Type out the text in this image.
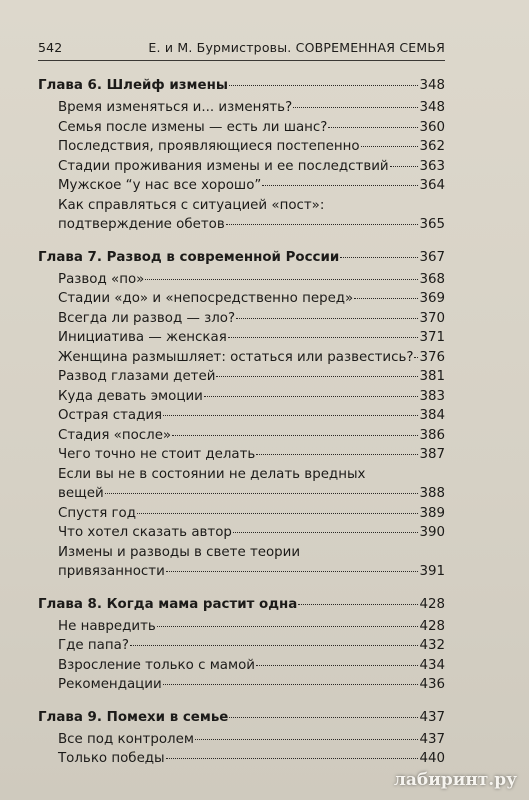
542	Е. и М. Бурмистровы. СОВРЕМЕННАЯ СЕМЬЯ
Глава 6. Шлейф измены	348
Время изменяться и... изменять?	348
Семья после измены — есть ли шанс?	360
Последствия, проявляющиеся постепенно	362
Стадии проживания измены и ее последствий 363
Мужское “у нас все хорошо”	364
Как справляться с ситуацией «пост»:
подтверждение обетов	365
Глава 7. Развод в современной России	367
Развод «по»	368
Стадии «до» и «непосредственно перед»	369
Всегда ли развод — зло?	370
Инициатива — женская	371
Женщина размышляет: остаться или развестись? 376
Развод глазами детей	381
Куда девать эмоции	383
Острая стадия	384
Стадия «после»	386
Чего точно не стоит делать	387
Если вы не в состоянии не делать вредных
вещей	388
Спустя год	389
Что хотел сказать автор	390
Измены и разводы в свете теории
привязанности	391
Глава 8. Когда мама растит одна	428
Не навредить	428
Где папа?	432
Взросление только с мамой	434
Рекомендации	436
Глава 9. Помехи в семье	437
Все под контролем	437
Только победы	440
лабиринт.ру
